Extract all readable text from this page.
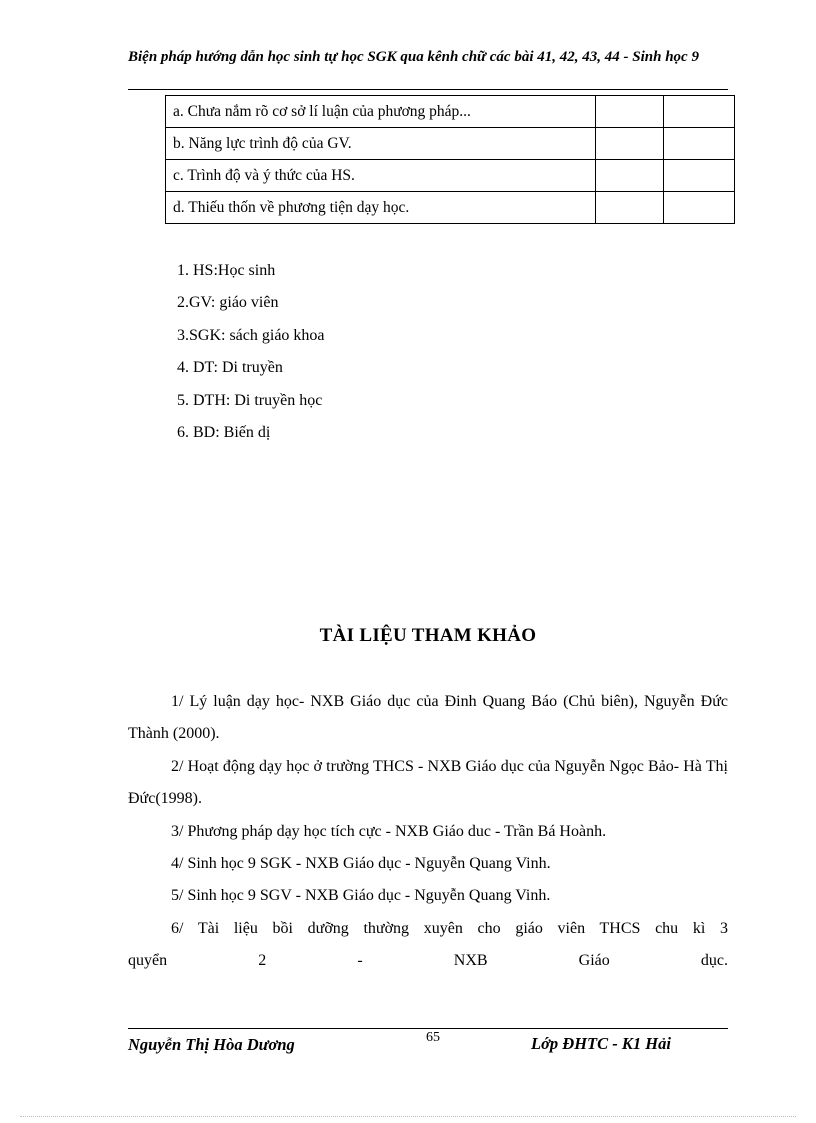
Biện pháp hướng dẫn học sinh tự học SGK qua kênh chữ các bài 41, 42, 43, 44 - Sinh học 9
a. Chưa nắm rõ cơ sở lí luận của phương pháp...		
b. Năng lực trình độ của GV.		
c. Trình độ và ý thức của HS.		
d. Thiếu thốn về phương tiện dạy học.		
1. HS:Học sinh
2.GV: giáo viên
3.SGK: sách giáo khoa
4. DT: Di truyền
5. DTH: Di truyền học
6. BD: Biến dị
TÀI LIỆU THAM KHẢO

1/ Lý luận dạy học- NXB Giáo dục của Đinh Quang Báo (Chủ biên), Nguyễn Đức Thành (2000).

2/ Hoạt động dạy học ở trường THCS - NXB Giáo dục của Nguyễn Ngọc Bảo- Hà Thị Đức(1998).

3/ Phương pháp dạy học tích cực - NXB Giáo duc - Trần Bá Hoành.

4/ Sinh học 9 SGK - NXB Giáo dục - Nguyễn Quang Vinh.

5/ Sinh học 9 SGV - NXB Giáo dục - Nguyễn Quang Vinh.

6/ Tài liệu bồi dưỡng thường xuyên cho giáo viên THCS chu kì 3

quyển	2	-	NXB	Giáo	dục.

Nguyễn Thị Hòa Dương	65	Lớp ĐHTC - K1 Hải
